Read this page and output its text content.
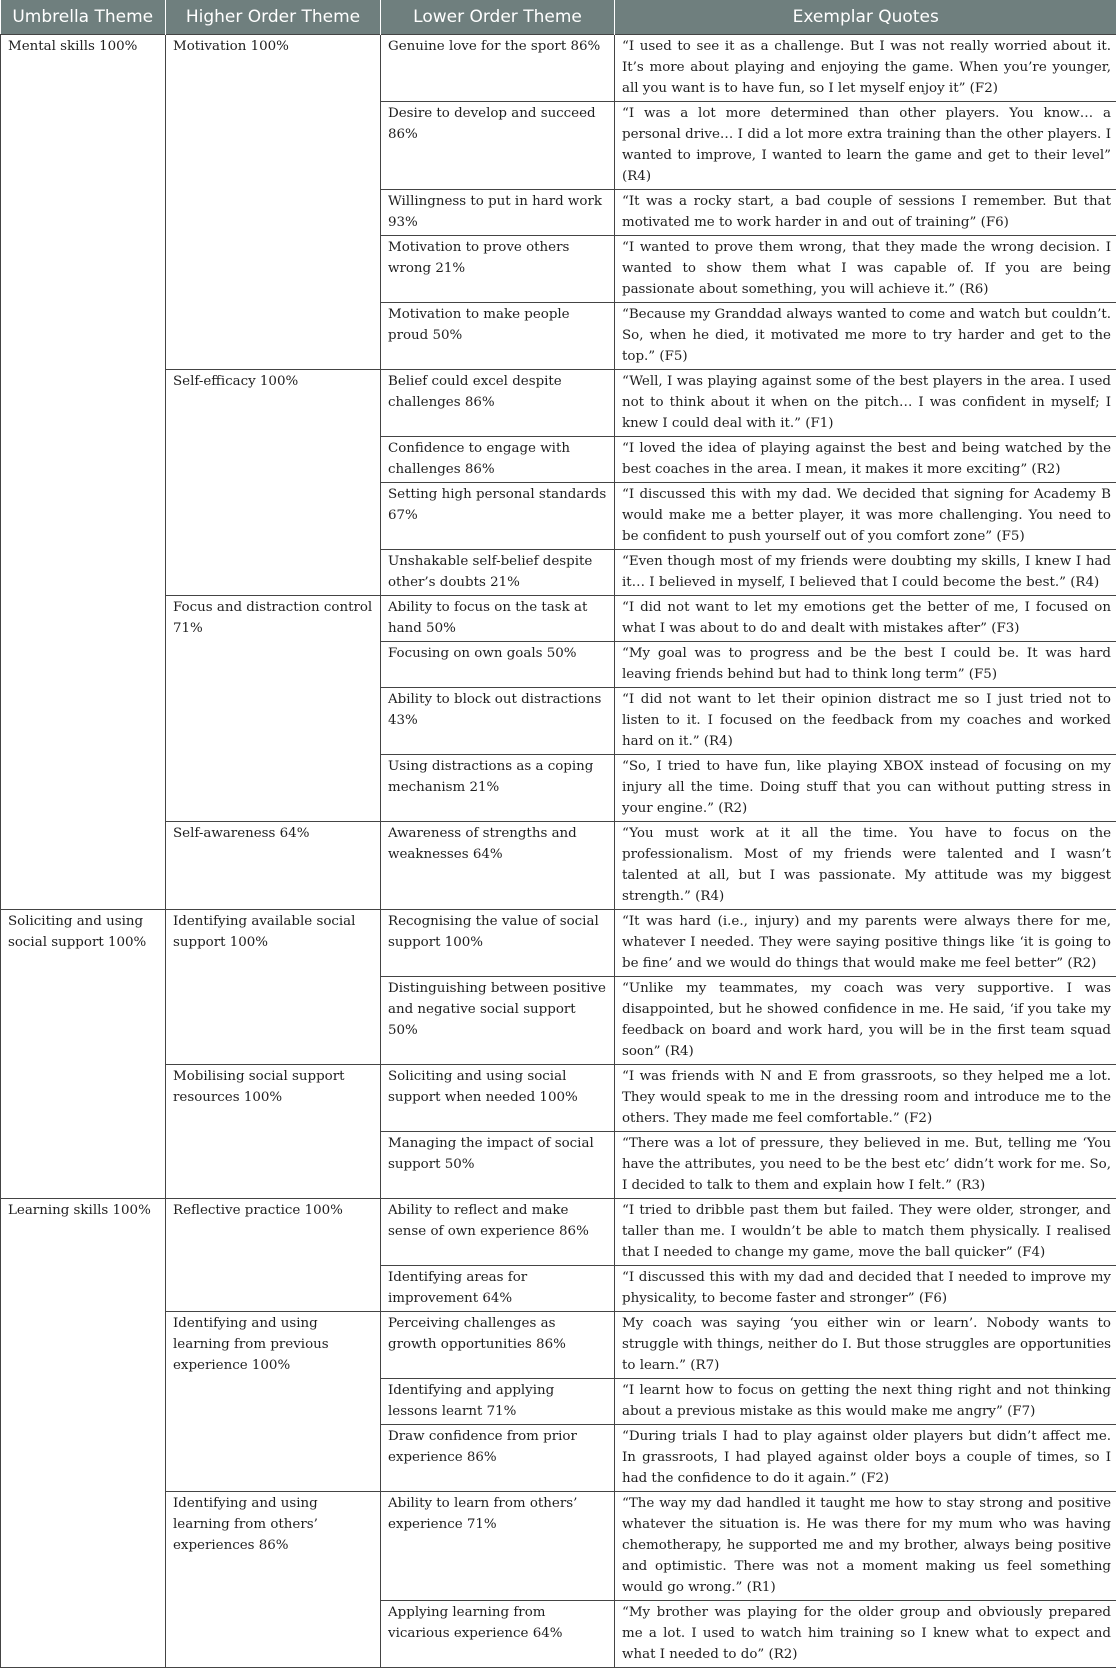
Umbrella Theme	Higher Order Theme	Lower Order Theme	Exemplar Quotes
Mental skills 100%	Motivation 100%	Genuine love for the sport 86%	“I used to see it as a challenge. But I was not really worried about it. It’s more about playing and enjoying the game. When you’re younger, all you want is to have fun, so I let myself enjoy it” (F2)
		Desire to develop and succeed 86%	“I was a lot more determined than other players. You know… a personal drive… I did a lot more extra training than the other players. I wanted to improve, I wanted to learn the game and get to their level” (R4)
		Willingness to put in hard work 93%	“It was a rocky start, a bad couple of sessions I remember. But that motivated me to work harder in and out of training” (F6)
		Motivation to prove others wrong 21%	“I wanted to prove them wrong, that they made the wrong decision. I wanted to show them what I was capable of. If you are being passionate about something, you will achieve it.” (R6)
		Motivation to make people proud 50%	“Because my Granddad always wanted to come and watch but couldn’t. So, when he died, it motivated me more to try harder and get to the top.” (F5)
	Self-efficacy 100%	Belief could excel despite challenges 86%	“Well, I was playing against some of the best players in the area. I used not to think about it when on the pitch… I was confident in myself; I knew I could deal with it.” (F1)
		Confidence to engage with challenges 86%	“I loved the idea of playing against the best and being watched by the best coaches in the area. I mean, it makes it more exciting” (R2)
		Setting high personal standards 67%	“I discussed this with my dad. We decided that signing for Academy B would make me a better player, it was more challenging. You need to be confident to push yourself out of you comfort zone” (F5)
		Unshakable self-belief despite other’s doubts 21%	“Even though most of my friends were doubting my skills, I knew I had it… I believed in myself, I believed that I could become the best.” (R4)
	Focus and distraction control 71%	Ability to focus on the task at hand 50%	“I did not want to let my emotions get the better of me, I focused on what I was about to do and dealt with mistakes after” (F3)
		Focusing on own goals 50%	“My goal was to progress and be the best I could be. It was hard leaving friends behind but had to think long term” (F5)
		Ability to block out distractions 43%	“I did not want to let their opinion distract me so I just tried not to listen to it. I focused on the feedback from my coaches and worked hard on it.” (R4)
		Using distractions as a coping mechanism 21%	“So, I tried to have fun, like playing XBOX instead of focusing on my injury all the time. Doing stuff that you can without putting stress in your engine.” (R2)
	Self-awareness 64%	Awareness of strengths and weaknesses 64%	“You must work at it all the time. You have to focus on the professionalism. Most of my friends were talented and I wasn’t talented at all, but I was passionate. My attitude was my biggest strength.” (R4)
Soliciting and using social support 100%	Identifying available social support 100%	Recognising the value of social support 100%	“It was hard (i.e., injury) and my parents were always there for me, whatever I needed. They were saying positive things like ‘it is going to be fine’ and we would do things that would make me feel better” (R2)
		Distinguishing between positive and negative social support 50%	“Unlike my teammates, my coach was very supportive. I was disappointed, but he showed confidence in me. He said, ‘if you take my feedback on board and work hard, you will be in the first team squad soon” (R4)
	Mobilising social support resources 100%	Soliciting and using social support when needed 100%	“I was friends with N and E from grassroots, so they helped me a lot. They would speak to me in the dressing room and introduce me to the others. They made me feel comfortable.” (F2)
		Managing the impact of social support 50%	“There was a lot of pressure, they believed in me. But, telling me ‘You have the attributes, you need to be the best etc’ didn’t work for me. So, I decided to talk to them and explain how I felt.” (R3)
Learning skills 100%	Reflective practice 100%	Ability to reflect and make sense of own experience 86%	“I tried to dribble past them but failed. They were older, stronger, and taller than me. I wouldn’t be able to match them physically. I realised that I needed to change my game, move the ball quicker” (F4)
		Identifying areas for improvement 64%	“I discussed this with my dad and decided that I needed to improve my physicality, to become faster and stronger” (F6)
	Identifying and using learning from previous experience 100%	Perceiving challenges as growth opportunities 86%	My coach was saying ‘you either win or learn’. Nobody wants to struggle with things, neither do I. But those struggles are opportunities to learn.” (R7)
		Identifying and applying lessons learnt 71%	“I learnt how to focus on getting the next thing right and not thinking about a previous mistake as this would make me angry” (F7)
		Draw confidence from prior experience 86%	“During trials I had to play against older players but didn’t affect me. In grassroots, I had played against older boys a couple of times, so I had the confidence to do it again.” (F2)
	Identifying and using learning from others’ experiences 86%	Ability to learn from others’ experience 71%	“The way my dad handled it taught me how to stay strong and positive whatever the situation is. He was there for my mum who was having chemotherapy, he supported me and my brother, always being positive and optimistic. There was not a moment making us feel something would go wrong.” (R1)
		Applying learning from vicarious experience 64%	“My brother was playing for the older group and obviously prepared me a lot. I used to watch him training so I knew what to expect and what I needed to do” (R2)
